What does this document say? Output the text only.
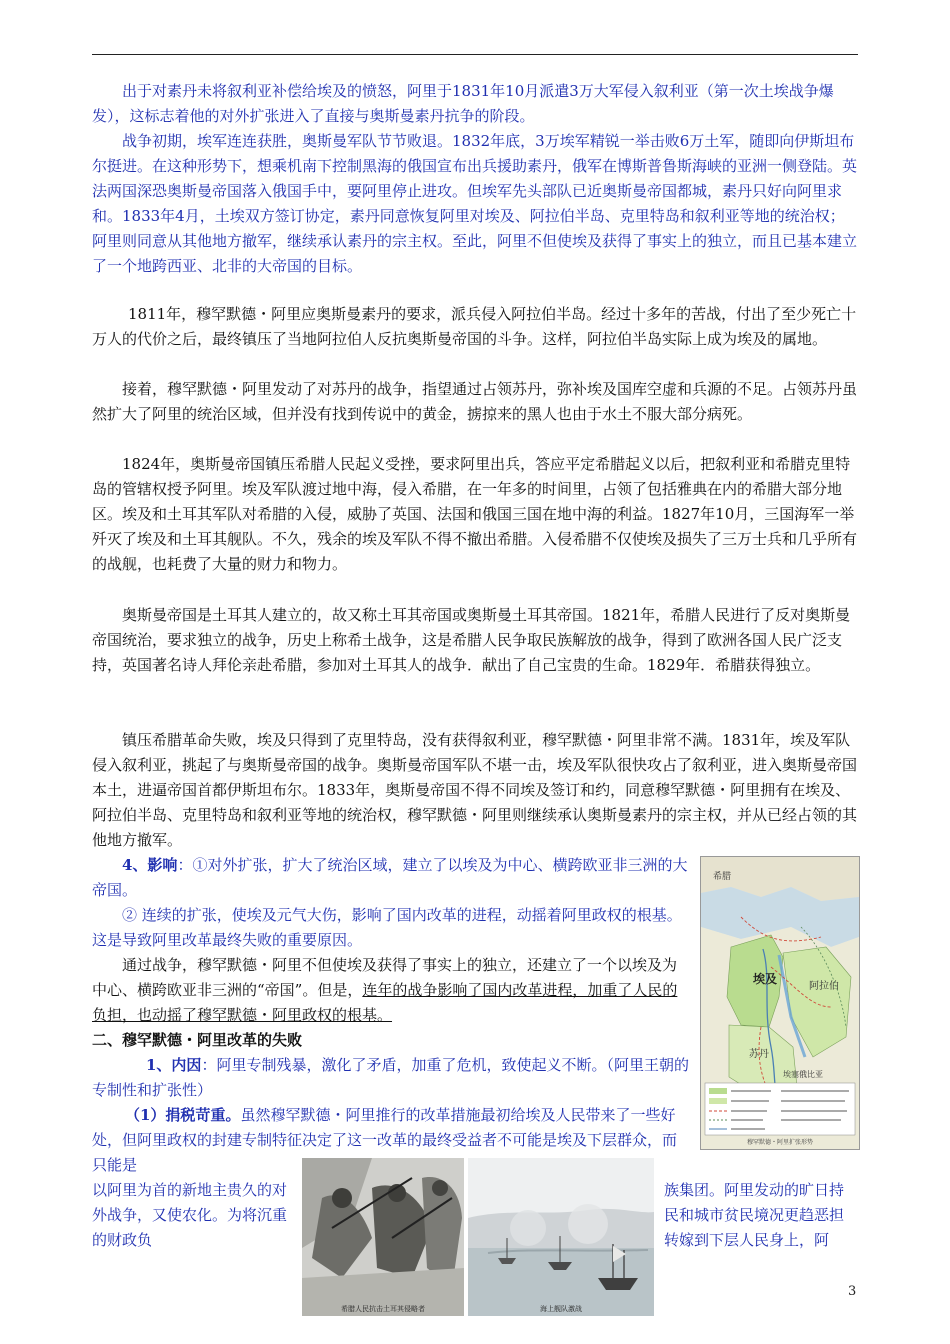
出于对素丹未将叙利亚补偿给埃及的愤怒，阿里于1831年10月派遣3万大军侵入叙利亚（第一次土埃战争爆发），这标志着他的对外扩张进入了直接与奥斯曼素丹抗争的阶段。

战争初期，埃军连连获胜，奥斯曼军队节节败退。1832年底，3万埃军精锐一举击败6万土军，随即向伊斯坦布尔挺进。在这种形势下，想乘机南下控制黑海的俄国宣布出兵援助素丹，俄军在博斯普鲁斯海峡的亚洲一侧登陆。英法两国深恐奥斯曼帝国落入俄国手中，要阿里停止进攻。但埃军先头部队已近奥斯曼帝国都城，素丹只好向阿里求和。1833年4月，土埃双方签订协定，素丹同意恢复阿里对埃及、阿拉伯半岛、克里特岛和叙利亚等地的统治权；阿里则同意从其他地方撤军，继续承认素丹的宗主权。至此，阿里不但使埃及获得了事实上的独立，而且已基本建立了一个地跨西亚、北非的大帝国的目标。

1811年，穆罕默德・阿里应奥斯曼素丹的要求，派兵侵入阿拉伯半岛。经过十多年的苦战，付出了至少死亡十万人的代价之后，最终镇压了当地阿拉伯人反抗奥斯曼帝国的斗争。这样，阿拉伯半岛实际上成为埃及的属地。

接着，穆罕默德・阿里发动了对苏丹的战争，指望通过占领苏丹，弥补埃及国库空虚和兵源的不足。占领苏丹虽然扩大了阿里的统治区域，但并没有找到传说中的黄金，掳掠来的黑人也由于水土不服大部分病死。

1824年，奥斯曼帝国镇压希腊人民起义受挫，要求阿里出兵，答应平定希腊起义以后，把叙利亚和希腊克里特岛的管辖权授予阿里。埃及军队渡过地中海，侵入希腊，在一年多的时间里，占领了包括雅典在内的希腊大部分地区。埃及和土耳其军队对希腊的入侵，威胁了英国、法国和俄国三国在地中海的利益。1827年10月，三国海军一举歼灭了埃及和土耳其舰队。不久，残余的埃及军队不得不撤出希腊。入侵希腊不仅使埃及损失了三万士兵和几乎所有的战舰，也耗费了大量的财力和物力。

奥斯曼帝国是土耳其人建立的，故又称土耳其帝国或奥斯曼土耳其帝国。1821年，希腊人民进行了反对奥斯曼帝国统治，要求独立的战争，历史上称希土战争，这是希腊人民争取民族解放的战争，得到了欧洲各国人民广泛支持，英国著名诗人拜伦亲赴希腊，参加对土耳其人的战争．献出了自己宝贵的生命。1829年．希腊获得独立。

镇压希腊革命失败，埃及只得到了克里特岛，没有获得叙利亚，穆罕默德・阿里非常不满。1831年，埃及军队侵入叙利亚，挑起了与奥斯曼帝国的战争。奥斯曼帝国军队不堪一击，埃及军队很快攻占了叙利亚，进入奥斯曼帝国本土，进逼帝国首都伊斯坦布尔。1833年，奥斯曼帝国不得不同埃及签订和约，同意穆罕默德・阿里拥有在埃及、阿拉伯半岛、克里特岛和叙利亚等地的统治权，穆罕默德・阿里则继续承认奥斯曼素丹的宗主权，并从已经占领的其他地方撤军。

4、影响：①对外扩张，扩大了统治区域，建立了以埃及为中心、横跨欧亚非三洲的大帝国。

② 连续的扩张，使埃及元气大伤，影响了国内改革的进程，动摇着阿里政权的根基。这是导致阿里改革最终失败的重要原因。

通过战争，穆罕默德・阿里不但使埃及获得了事实上的独立，还建立了一个以埃及为中心、横跨欧亚非三洲的“帝国”。但是，连年的战争影响了国内改革进程，加重了人民的负担，也动摇了穆罕默德・阿里政权的根基。

二、穆罕默德・阿里改革的失败

1、内因：阿里专制残暴，激化了矛盾，加重了危机，致使起义不断。（阿里王朝的专制性和扩张性）

（1）捐税苛重。虽然穆罕默德・阿里推行的改革措施最初给埃及人民带来了一些好处，但阿里政权的封建专制特征决定了这一改革的最终受益者不可能是埃及下层群众，而只能是

以阿里为首的新地主贵久的对外战争，又使农化。为将沉重的财政负

族集团。阿里发动的旷日持民和城市贫民境况更趋恶担转嫁到下层人民身上，阿

希腊
埃及
阿拉伯
苏丹
埃塞俄比亚
穆罕默德・阿里扩张形势
希腊人民抗击土耳其侵略者	海上舰队激战
3
